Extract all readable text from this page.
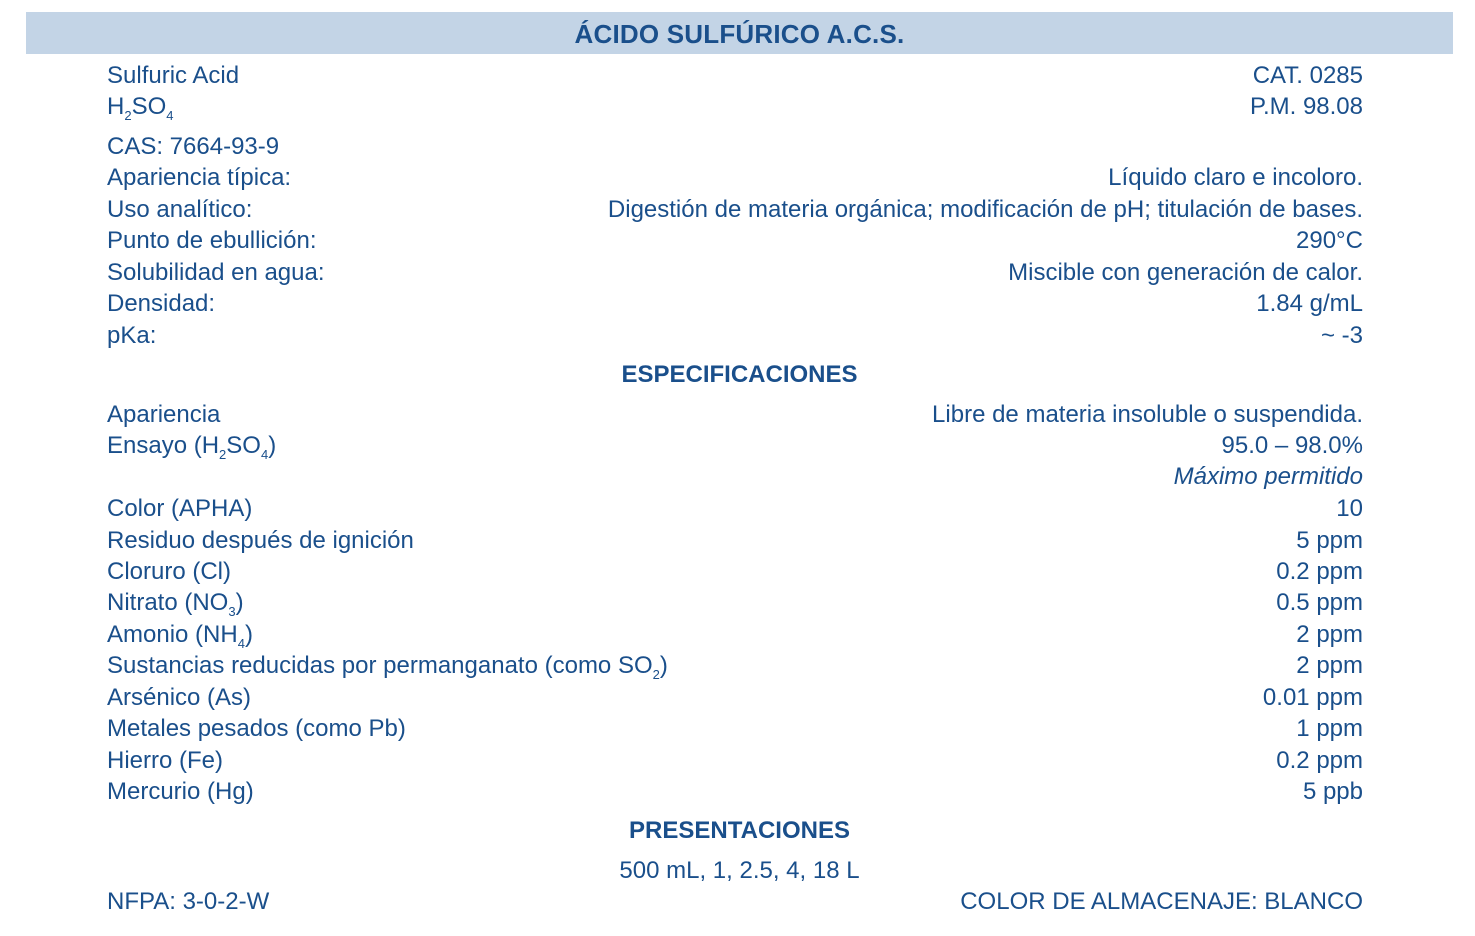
ÁCIDO SULFÚRICO A.C.S.
Sulfuric Acid	CAT. 0285
$H_2SO_4$	P.M. 98.08
CAS: 7664-93-9
Apariencia típica:	Líquido claro e incoloro.
Uso analítico:	Digestión de materia orgánica; modificación de pH; titulación de bases.
Punto de ebullición:	290°C
Solubilidad en agua:	Miscible con generación de calor.
Densidad:	1.84 g/mL
pKa:	~ -3
ESPECIFICACIONES
Apariencia	Libre de materia insoluble o suspendida.
Ensayo $(H_2SO_4)$	95.0 – 98.0%
Máximo permitido
Color (APHA)	10
Residuo después de ignición	5 ppm
Cloruro (Cl)	0.2 ppm
Nitrato $(NO_3)$	0.5 ppm
Amonio $(NH_4)$	2 ppm
Sustancias reducidas por permanganato (como $SO_2$)	2 ppm
Arsénico (As)	0.01 ppm
Metales pesados (como Pb)	1 ppm
Hierro (Fe)	0.2 ppm
Mercurio (Hg)	5 ppb
PRESENTACIONES
500 mL, 1, 2.5, 4, 18 L
NFPA: 3-0-2-W	COLOR DE ALMACENAJE: BLANCO
